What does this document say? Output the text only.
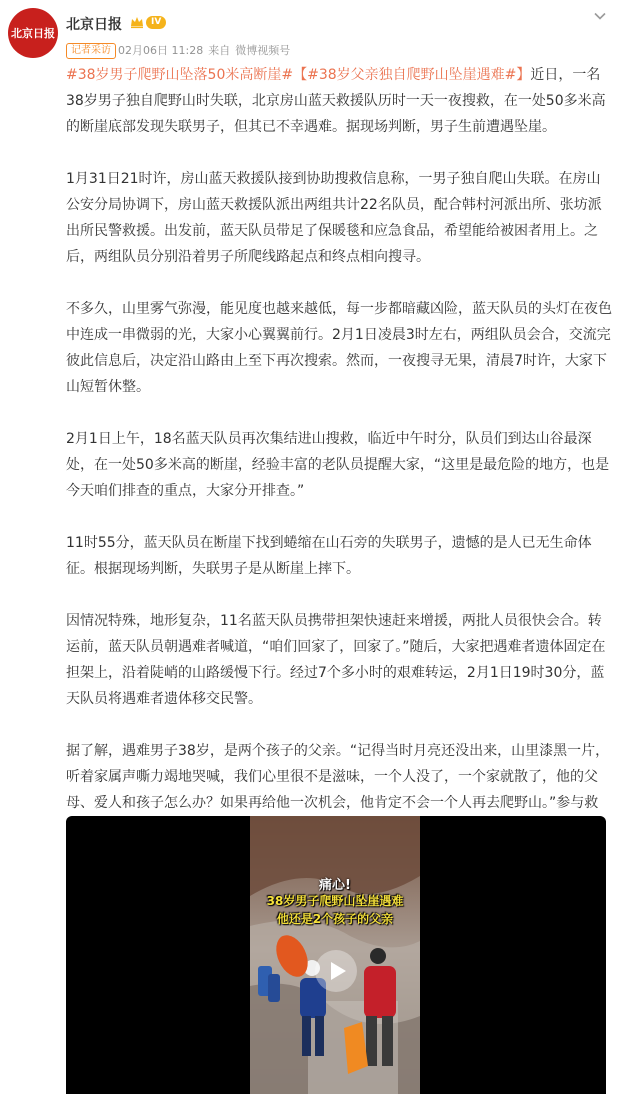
北京日报
北京日报	IV
记者采访 02月06日 11:28 来自 微博视频号

#38岁男子爬野山坠落50米高断崖#【#38岁父亲独自爬野山坠崖遇难#】近日，一名38岁男子独自爬野山时失联，北京房山蓝天救援队历时一天一夜搜救，在一处50多米高的断崖底部发现失联男子，但其已不幸遇难。据现场判断，男子生前遭遇坠崖。

1月31日21时许，房山蓝天救援队接到协助搜救信息称，一男子独自爬山失联。在房山公安分局协调下，房山蓝天救援队派出两组共计22名队员，配合韩村河派出所、张坊派出所民警救援。出发前，蓝天队员带足了保暖毯和应急食品，希望能给被困者用上。之后，两组队员分别沿着男子所爬线路起点和终点相向搜寻。

不多久，山里雾气弥漫，能见度也越来越低，每一步都暗藏凶险，蓝天队员的头灯在夜色中连成一串微弱的光，大家小心翼翼前行。2月1日凌晨3时左右，两组队员会合，交流完彼此信息后，决定沿山路由上至下再次搜索。然而，一夜搜寻无果，清晨7时许，大家下山短暂休整。

2月1日上午，18名蓝天队员再次集结进山搜救，临近中午时分，队员们到达山谷最深处，在一处50多米高的断崖，经验丰富的老队员提醒大家，“这里是最危险的地方，也是今天咱们排查的重点，大家分开排查。”

11时55分，蓝天队员在断崖下找到蜷缩在山石旁的失联男子，遗憾的是人已无生命体征。根据现场判断，失联男子是从断崖上摔下。

因情况特殊，地形复杂，11名蓝天队员携带担架快速赶来增援，两批人员很快会合。转运前，蓝天队员朝遇难者喊道，“咱们回家了，回家了。”随后，大家把遇难者遗体固定在担架上，沿着陡峭的山路缓慢下行。经过7个多小时的艰难转运，2月1日19时30分，蓝天队员将遇难者遗体移交民警。

据了解，遇难男子38岁，是两个孩子的父亲。“记得当时月亮还没出来，山里漆黑一片，听着家属声嘶力竭地哭喊，我们心里很不是滋味，一个人没了，一个家就散了，他的父母、爱人和孩子怎么办？如果再给他一次机会，他肯定不会一个人再去爬野山。”参与救

痛心!
38岁男子爬野山坠崖遇难
他还是2个孩子的父亲
